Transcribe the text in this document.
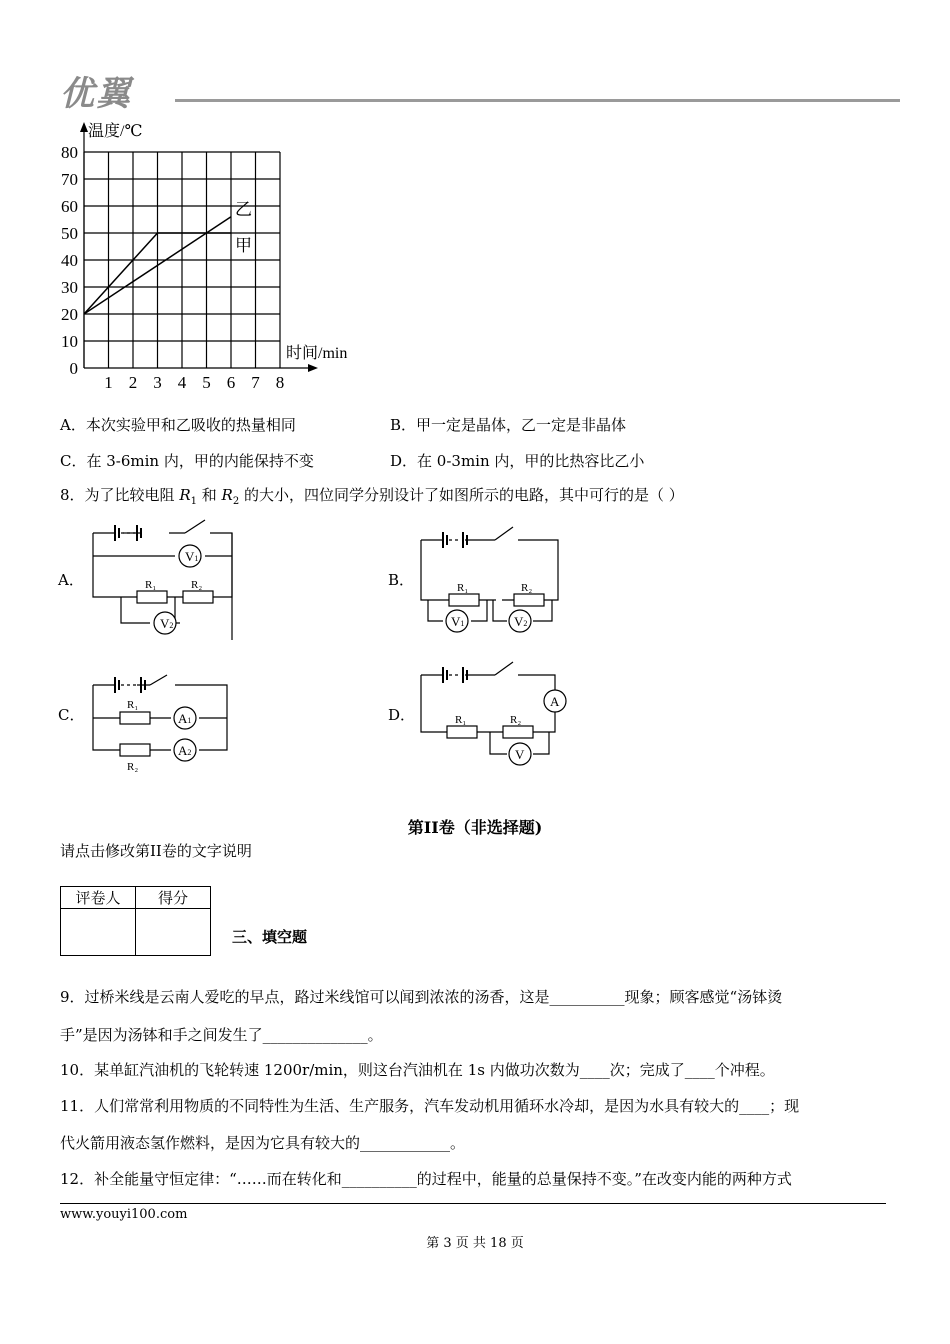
优翼
温度/℃
时间/min
0
10
20
30
40
50
60
70
80
1 2 3 4 5 6 7 8
甲
乙
A．本次实验甲和乙吸收的热量相同	B．甲一定是晶体，乙一定是非晶体
C．在 3-6min 内，甲的内能保持不变	D．在 0-3min 内，甲的比热容比乙小
8．为了比较电阻 $R_1$ 和 $R_2$ 的大小，四位同学分别设计了如图所示的电路，其中可行的是（ ）
A．	B．
C．	D．
V1
V2
R₁	R₂
V1	V2
R₁	R₂
A1
A2
R₁
R₂
A
V
R₁	R₂
第II卷（非选择题)
请点击修改第II卷的文字说明
评卷人	得分

三、填空题
9．过桥米线是云南人爱吃的早点，路过米线馆可以闻到浓浓的汤香，这是__________现象；顾客感觉“汤钵烫
手”是因为汤钵和手之间发生了______________。
10．某单缸汽油机的飞轮转速 1200r/min，则这台汽油机在 1s 内做功次数为____次；完成了____个冲程。
11．人们常常利用物质的不同特性为生活、生产服务，汽车发动机用循环水冷却，是因为水具有较大的____；现
代火箭用液态氢作燃料，是因为它具有较大的____________。
12．补全能量守恒定律：“……而在转化和__________的过程中，能量的总量保持不变。”在改变内能的两种方式
www.youyi100.com
第 3 页 共 18 页
